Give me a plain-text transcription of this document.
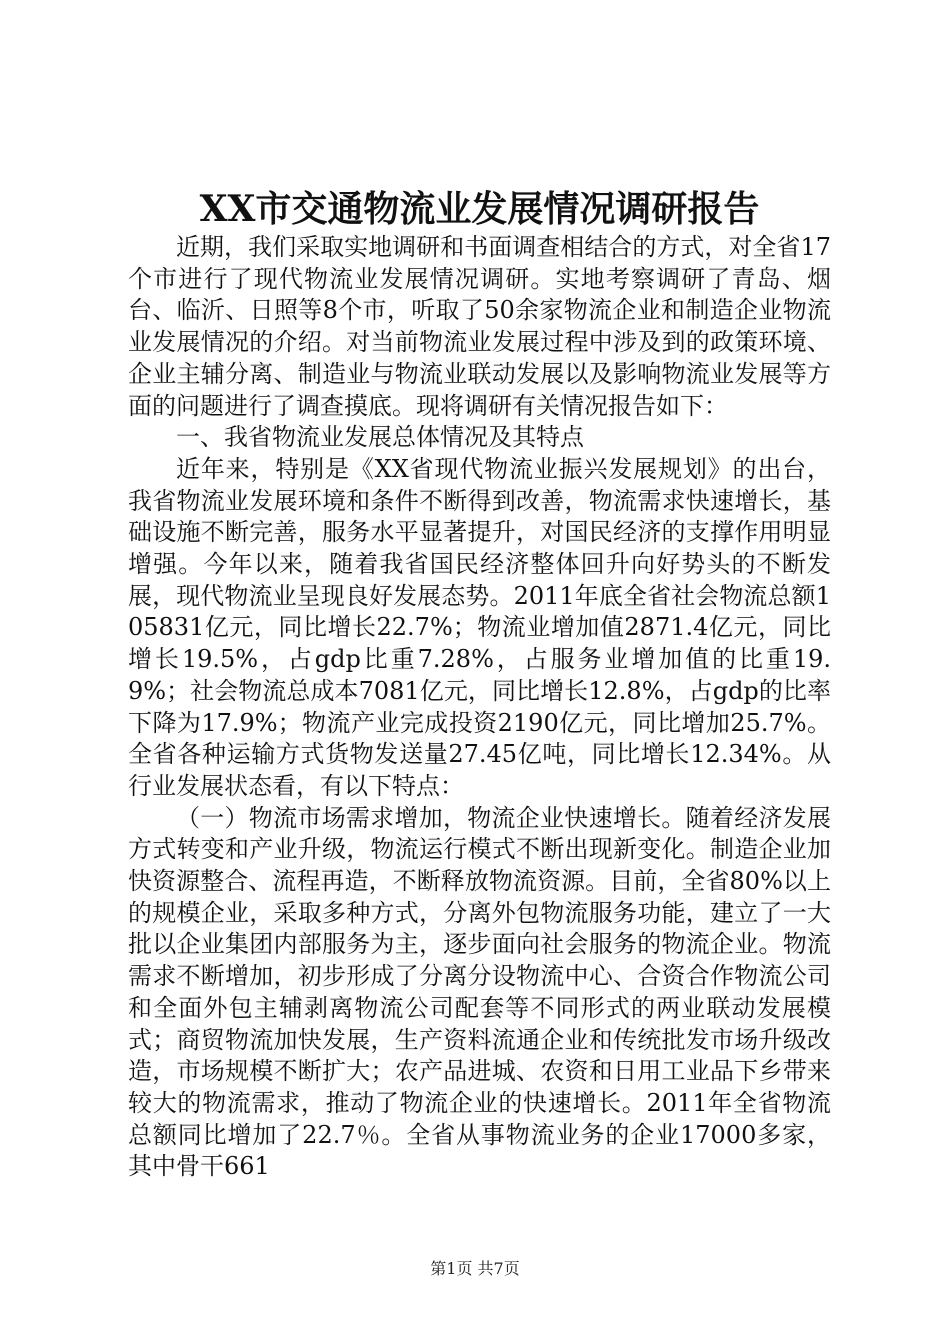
XX市交通物流业发展情况调研报告

近期，我们采取实地调研和书面调查相结合的方式，对全省17个市进行了现代物流业发展情况调研。实地考察调研了青岛、烟台、临沂、日照等8个市，听取了50余家物流企业和制造企业物流业发展情况的介绍。对当前物流业发展过程中涉及到的政策环境、企业主辅分离、制造业与物流业联动发展以及影响物流业发展等方面的问题进行了调查摸底。现将调研有关情况报告如下：

一、我省物流业发展总体情况及其特点

近年来，特别是《XX省现代物流业振兴发展规划》的出台，我省物流业发展环境和条件不断得到改善，物流需求快速增长，基础设施不断完善，服务水平显著提升，对国民经济的支撑作用明显增强。今年以来，随着我省国民经济整体回升向好势头的不断发展，现代物流业呈现良好发展态势。2011年底全省社会物流总额105831亿元，同比增长22.7%；物流业增加值2871.4亿元，同比增长19.5%，占gdp比重7.28%，占服务业增加值的比重19.9%；社会物流总成本7081亿元，同比增长12.8%，占gdp的比率下降为17.9%；物流产业完成投资2190亿元，同比增加25.7%。全省各种运输方式货物发送量27.45亿吨，同比增长12.34%。从行业发展状态看，有以下特点：

（一）物流市场需求增加，物流企业快速增长。随着经济发展方式转变和产业升级，物流运行模式不断出现新变化。制造企业加快资源整合、流程再造，不断释放物流资源。目前，全省80%以上的规模企业，采取多种方式，分离外包物流服务功能，建立了一大批以企业集团内部服务为主，逐步面向社会服务的物流企业。物流需求不断增加，初步形成了分离分设物流中心、合资合作物流公司和全面外包主辅剥离物流公司配套等不同形式的两业联动发展模式；商贸物流加快发展，生产资料流通企业和传统批发市场升级改造，市场规模不断扩大；农产品进城、农资和日用工业品下乡带来较大的物流需求，推动了物流企业的快速增长。2011年全省物流总额同比增加了22.7％。全省从事物流业务的企业17000多家，其中骨干661

第1页 共7页
